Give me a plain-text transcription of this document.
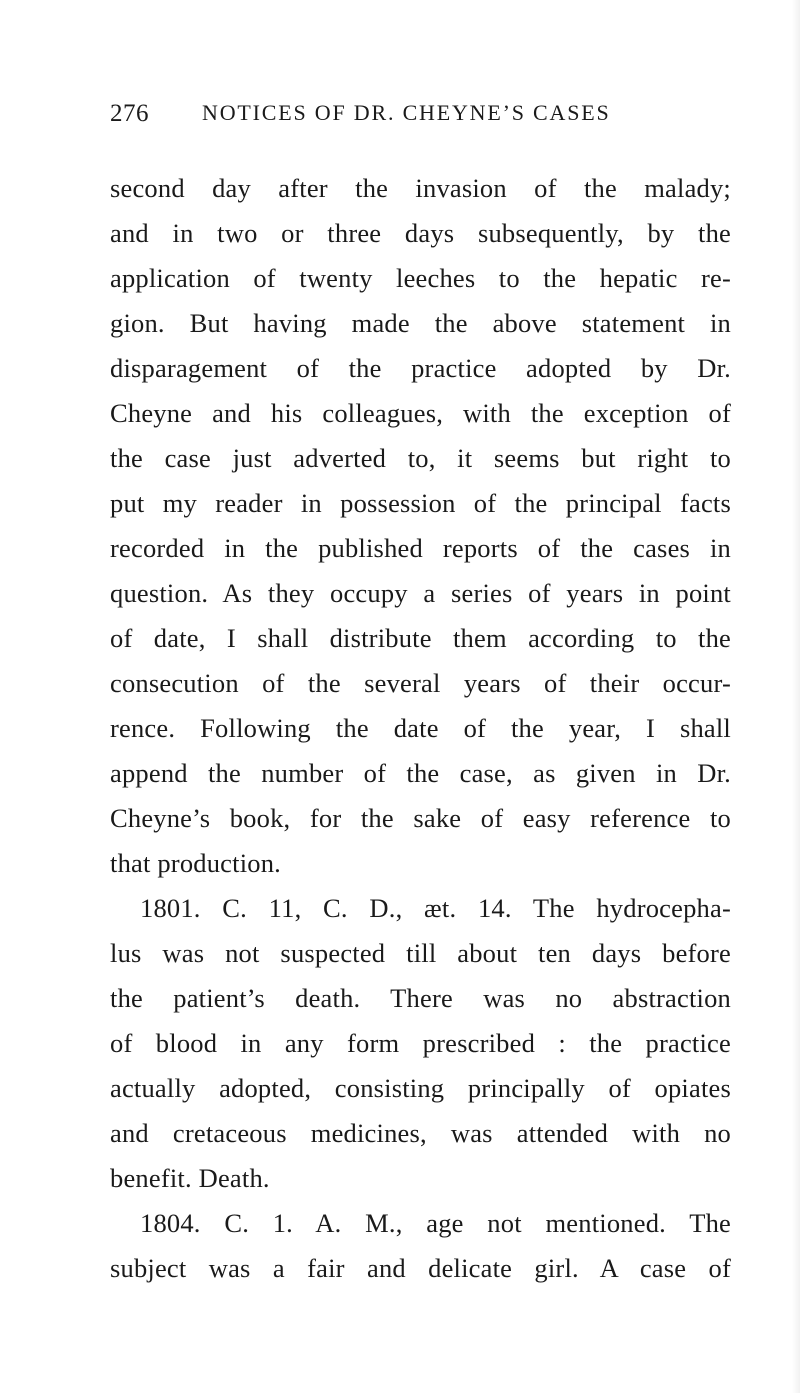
276 NOTICES OF DR. CHEYNE’S CASES
second day after the invasion of the malady;
and in two or three days subsequently, by the
application of twenty leeches to the hepatic re-
gion. But having made the above statement in
disparagement of the practice adopted by Dr.
Cheyne and his colleagues, with the exception of
the case just adverted to, it seems but right to
put my reader in possession of the principal facts
recorded in the published reports of the cases in
question. As they occupy a series of years in point
of date, I shall distribute them according to the
consecution of the several years of their occur-
rence. Following the date of the year, I shall
append the number of the case, as given in Dr.
Cheyne’s book, for the sake of easy reference to
that production.
1801. C. 11, C. D., æt. 14. The hydrocepha-
lus was not suspected till about ten days before
the patient’s death. There was no abstraction
of blood in any form prescribed : the practice
actually adopted, consisting principally of opiates
and cretaceous medicines, was attended with no
benefit. Death.
1804. C. 1. A. M., age not mentioned. The
subject was a fair and delicate girl. A case of
